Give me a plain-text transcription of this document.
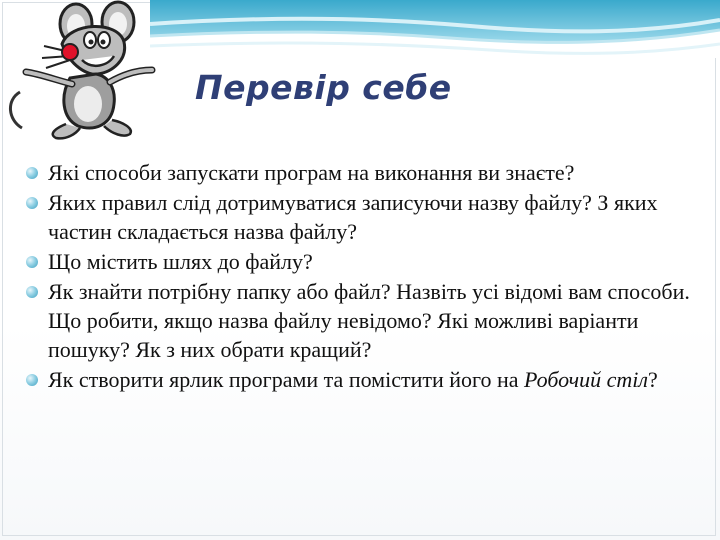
Перевір себе
Які способи запускати програм на виконання ви знаєте?
Яких правил слід дотримуватися записуючи назву файлу? З яких частин складається назва файлу?
Що містить шлях до файлу?
Як знайти потрібну папку або файл? Назвіть усі відомі вам способи. Що робити, якщо назва файлу невідомо? Які можливі варіанти пошуку? Як з них обрати кращий?
Як створити ярлик програми та помістити його на Робочий стіл?
